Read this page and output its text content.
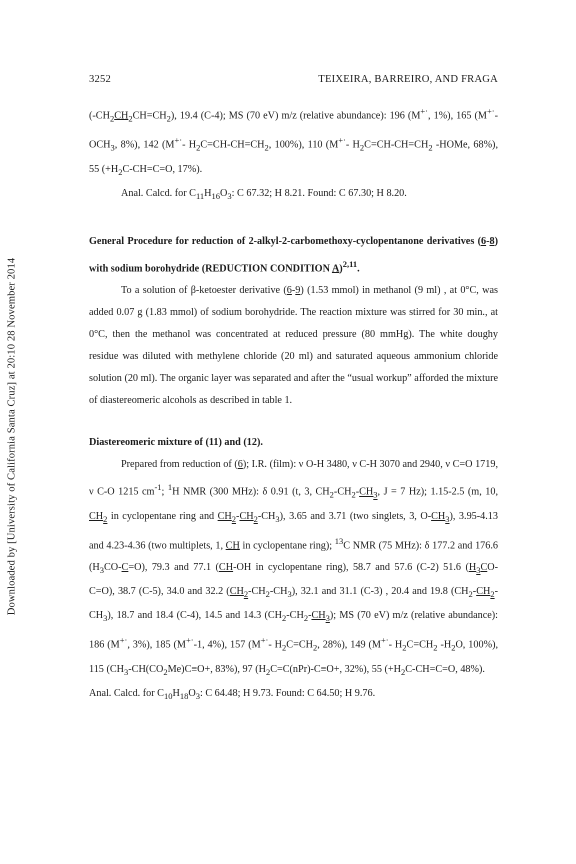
Downloaded by [University of California Santa Cruz] at 20:10 28 November 2014
3252	TEIXEIRA, BARREIRO, AND FRAGA

$(-CH_2CH_2CH=CH_2)$, 19.4 (C-4); MS (70 eV) m/z (relative abundance): 196 (M+·, 1%), 165 ($M^{+\cdot}-OCH_3$, 8%), 142 (M+·- $H_2C=CH-CH=CH_2$, 100%), 110 (M+·- $H_2C=CH-CH=CH_2$ -HOMe, 68%), 55 ($+H_2C-CH=C=O$, 17%).

Anal. Calcd. for $C_{11}H_{16}O_3$: C 67.32; H 8.21. Found: C 67.30; H 8.20.

General Procedure for reduction of 2-alkyl-2-carbomethoxy-cyclopentanone derivatives (6-8) with sodium borohydride (REDUCTION CONDITION A)$^{2,11}$.

To a solution of β-ketoester derivative (6-9) (1.53 mmol) in methanol (9 ml) , at 0°C, was added 0.07 g (1.83 mmol) of sodium borohydride. The reaction mixture was stirred for 30 min., at 0°C, then the methanol was concentrated at reduced pressure (80 mmHg). The white doughy residue was diluted with methylene chloride (20 ml) and saturated aqueous ammonium chloride solution (20 ml). The organic layer was separated and after the “usual workup” afforded the mixture of diastereomeric alcohols as described in table 1.

Diastereomeric mixture of (11) and (12).

Prepared from reduction of (6); I.R. (film): ν O-H 3480, ν C-H 3070 and 2940, ν C=O 1719, ν C-O 1215 $cm^{-1}$; $^1$H NMR (300 MHz): δ 0.91 (t, 3, $CH_2-CH_2-CH_3$, J = 7 Hz); 1.15-2.5 (m, 10, $CH_2$ in cyclopentane ring and $CH_2-CH_2-CH_3$), 3.65 and 3.71 (two singlets, 3, $O-CH_3$), 3.95-4.13 and 4.23-4.36 (two multiplets, 1, CH in cyclopentane ring); $^{13}$C NMR (75 MHz): δ 177.2 and 176.6 $(H_3CO-C=O)$, 79.3 and 77.1 (CH-OH in cyclopentane ring), 58.7 and 57.6 (C-2) 51.6 $(H_3CO-C=O)$, 38.7 (C-5), 34.0 and 32.2 $(CH_2-CH_2-CH_3)$, 32.1 and 31.1 (C-3) , 20.4 and 19.8 $(CH_2-CH_2-CH_3)$, 18.7 and 18.4 (C-4), 14.5 and 14.3 $(CH_2-CH_2-CH_3)$; MS (70 eV) m/z (relative abundance): 186 (M+·, 3%), 185 (M+·-1, 4%), 157 (M+·- $H_2C=CH_2$, 28%), 149 (M+·- $H_2C=CH_2$ $-H_2O$, 100%), 115 ($CH_3-CH(CO_2Me)C\equiv O+$, 83%), 97 ($H_2C=C(nPr)-C\equiv O+$, 32%), 55 ($+H_2C-CH=C=O$, 48%).

Anal. Calcd. for $C_{10}H_{18}O_3$: C 64.48; H 9.73. Found: C 64.50; H 9.76.
